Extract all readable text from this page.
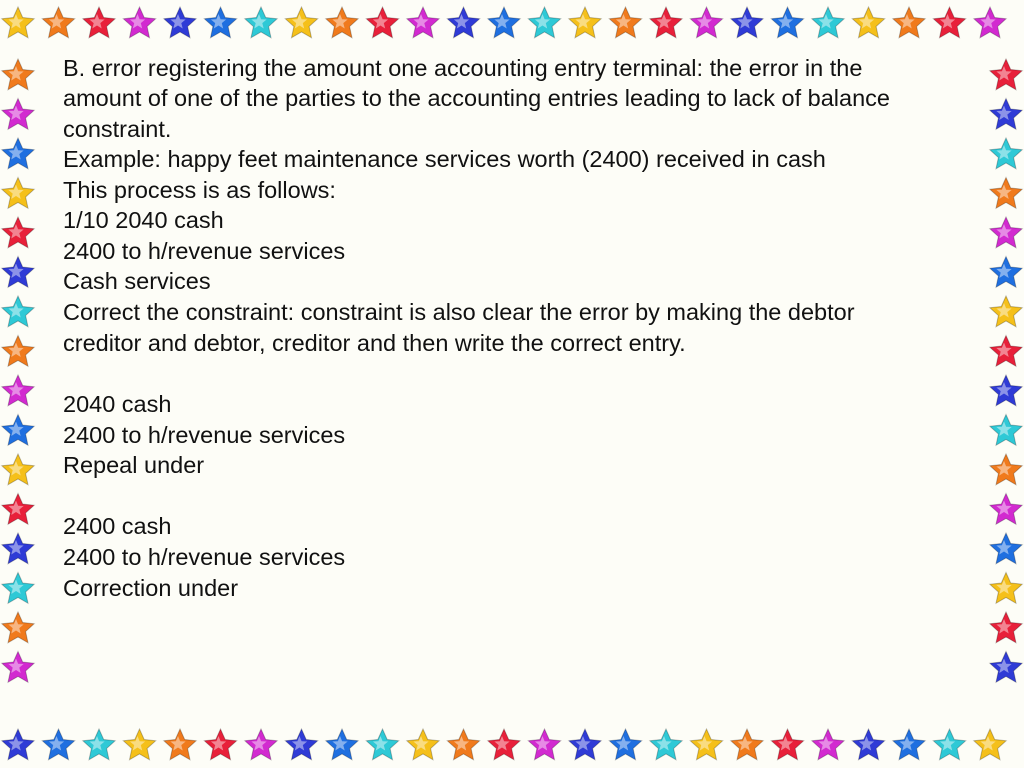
B. error registering the amount one accounting entry terminal: the error in the
amount of one of the parties to the accounting entries leading to lack of balance
constraint.
Example: happy feet maintenance services worth (2400) received in cash
This process is as follows:
1/10 2040 cash
2400 to h/revenue services
Cash services
Correct the constraint: constraint is also clear the error by making the debtor
creditor and debtor, creditor and then write the correct entry.
2040 cash
2400 to h/revenue services
Repeal under
2400 cash
2400 to h/revenue services
Correction under
